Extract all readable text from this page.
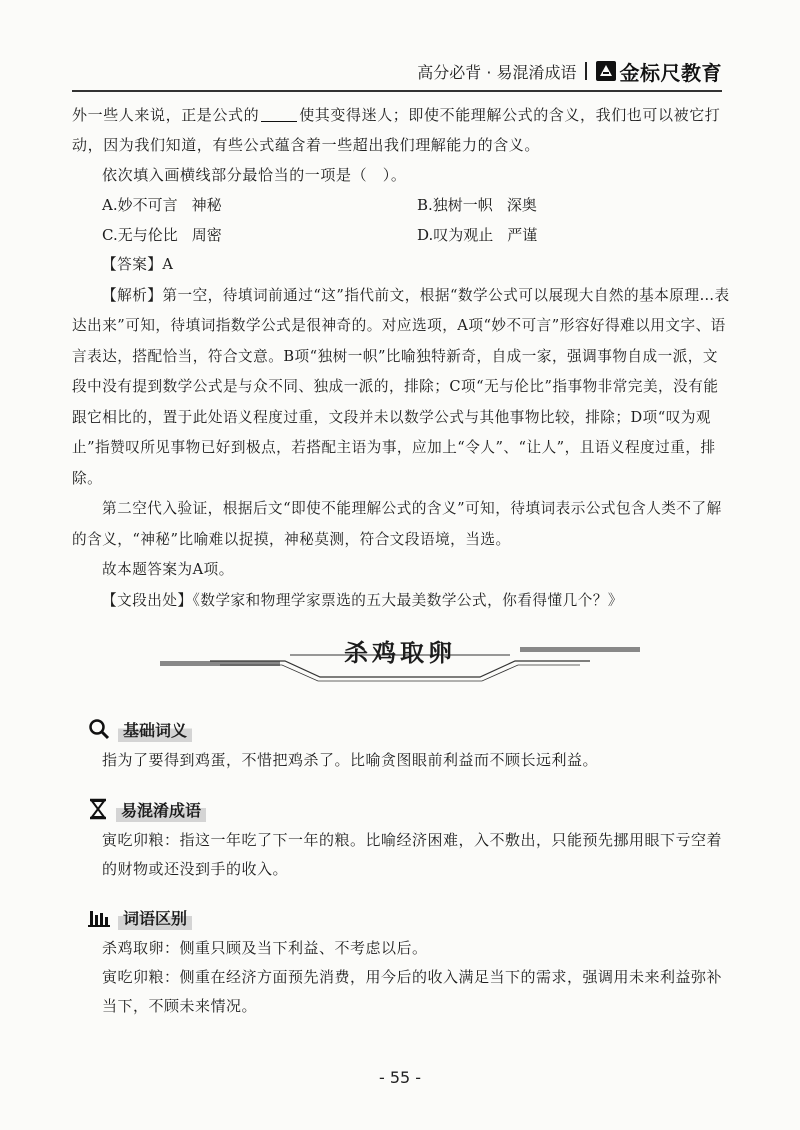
高分必背 · 易混淆成语 金标尺教育
外一些人来说，正是公式的	使其变得迷人；即使不能理解公式的含义，我们也可以被它打
动，因为我们知道，有些公式蕴含着一些超出我们理解能力的含义。
依次填入画横线部分最恰当的一项是（　）。
A.妙不可言 神秘	B.独树一帜 深奥
C.无与伦比 周密	D.叹为观止 严谨

【答案】A

【解析】第一空，待填词前通过“这”指代前文，根据“数学公式可以展现大自然的基本原理…表达出来”可知，待填词指数学公式是很神奇的。对应选项，A项“妙不可言”形容好得难以用文字、语言表达，搭配恰当，符合文意。B项“独树一帜”比喻独特新奇，自成一家，强调事物自成一派，文段中没有提到数学公式是与众不同、独成一派的，排除；C项“无与伦比”指事物非常完美，没有能跟它相比的，置于此处语义程度过重，文段并未以数学公式与其他事物比较，排除；D项“叹为观止”指赞叹所见事物已好到极点，若搭配主语为事，应加上“令人”、“让人”，且语义程度过重，排除。

第二空代入验证，根据后文“即使不能理解公式的含义”可知，待填词表示公式包含人类不了解的含义，“神秘”比喻难以捉摸，神秘莫测，符合文段语境，当选。

故本题答案为A项。

【文段出处】《数学家和物理学家票选的五大最美数学公式，你看得懂几个？》

杀鸡取卵
基础词义

指为了要得到鸡蛋，不惜把鸡杀了。比喻贪图眼前利益而不顾长远利益。

易混淆成语

寅吃卯粮：指这一年吃了下一年的粮。比喻经济困难，入不敷出，只能预先挪用眼下亏空着的财物或还没到手的收入。

词语区别

杀鸡取卵：侧重只顾及当下利益、不考虑以后。

寅吃卯粮：侧重在经济方面预先消费，用今后的收入满足当下的需求，强调用未来利益弥补当下，不顾未来情况。

- 55 -
